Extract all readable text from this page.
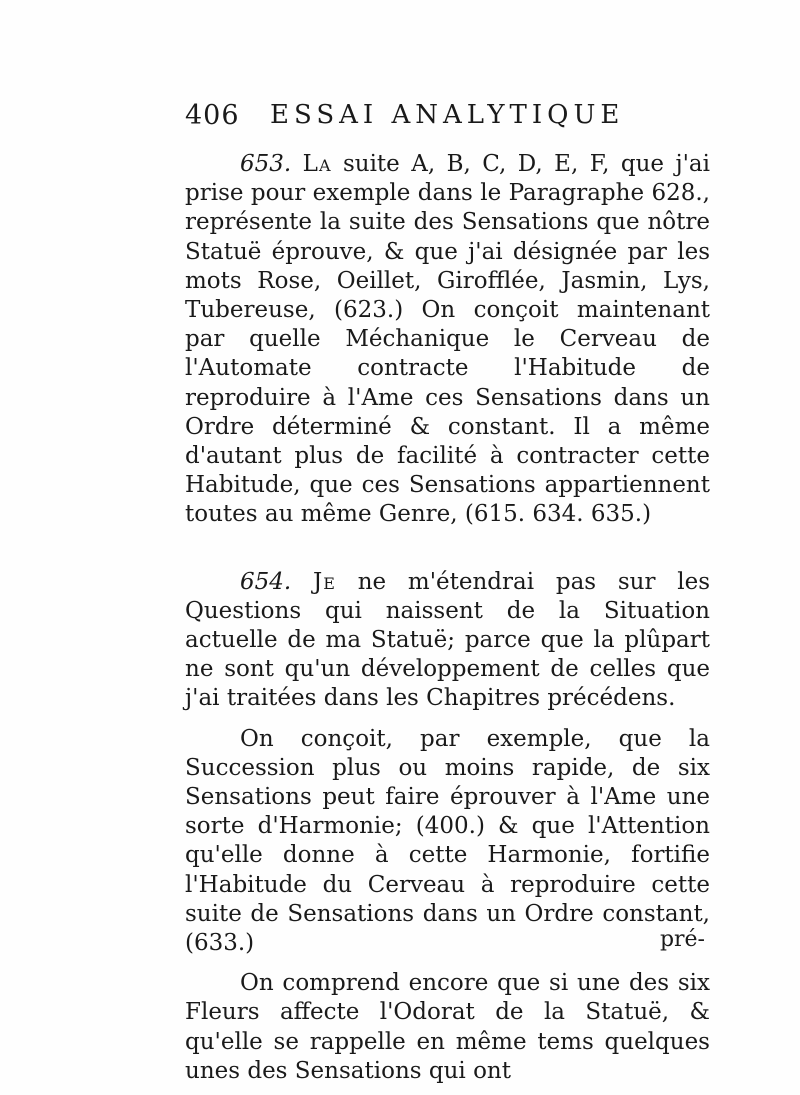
406 ESSAI ANALYTIQUE

653. La suite A, B, C, D, E, F, que j'ai prise pour exemple dans le Paragraphe 628., représente la suite des Sensations que nôtre Statuë éprouve, & que j'ai désignée par les mots Rose, Oeillet, Girofflée, Jasmin, Lys, Tubereuse, (623.) On conçoit maintenant par quelle Méchanique le Cerveau de l'Automate contracte l'Habitude de reproduire à l'Ame ces Sensations dans un Ordre déterminé & constant. Il a même d'autant plus de facilité à contracter cette Habitude, que ces Sensations appartiennent toutes au même Genre, (615. 634. 635.)

654. Je ne m'étendrai pas sur les Questions qui naissent de la Situation actuelle de ma Statuë; parce que la plûpart ne sont qu'un développement de celles que j'ai traitées dans les Chapitres précédens.

On conçoit, par exemple, que la Succession plus ou moins rapide, de six Sensations peut faire éprouver à l'Ame une sorte d'Harmonie; (400.) & que l'Attention qu'elle donne à cette Harmonie, fortifie l'Habitude du Cerveau à reproduire cette suite de Sensations dans un Ordre constant, (633.)

On comprend encore que si une des six Fleurs affecte l'Odorat de la Statuë, & qu'elle se rappelle en même tems quelques unes des Sensations qui ont

pré-
